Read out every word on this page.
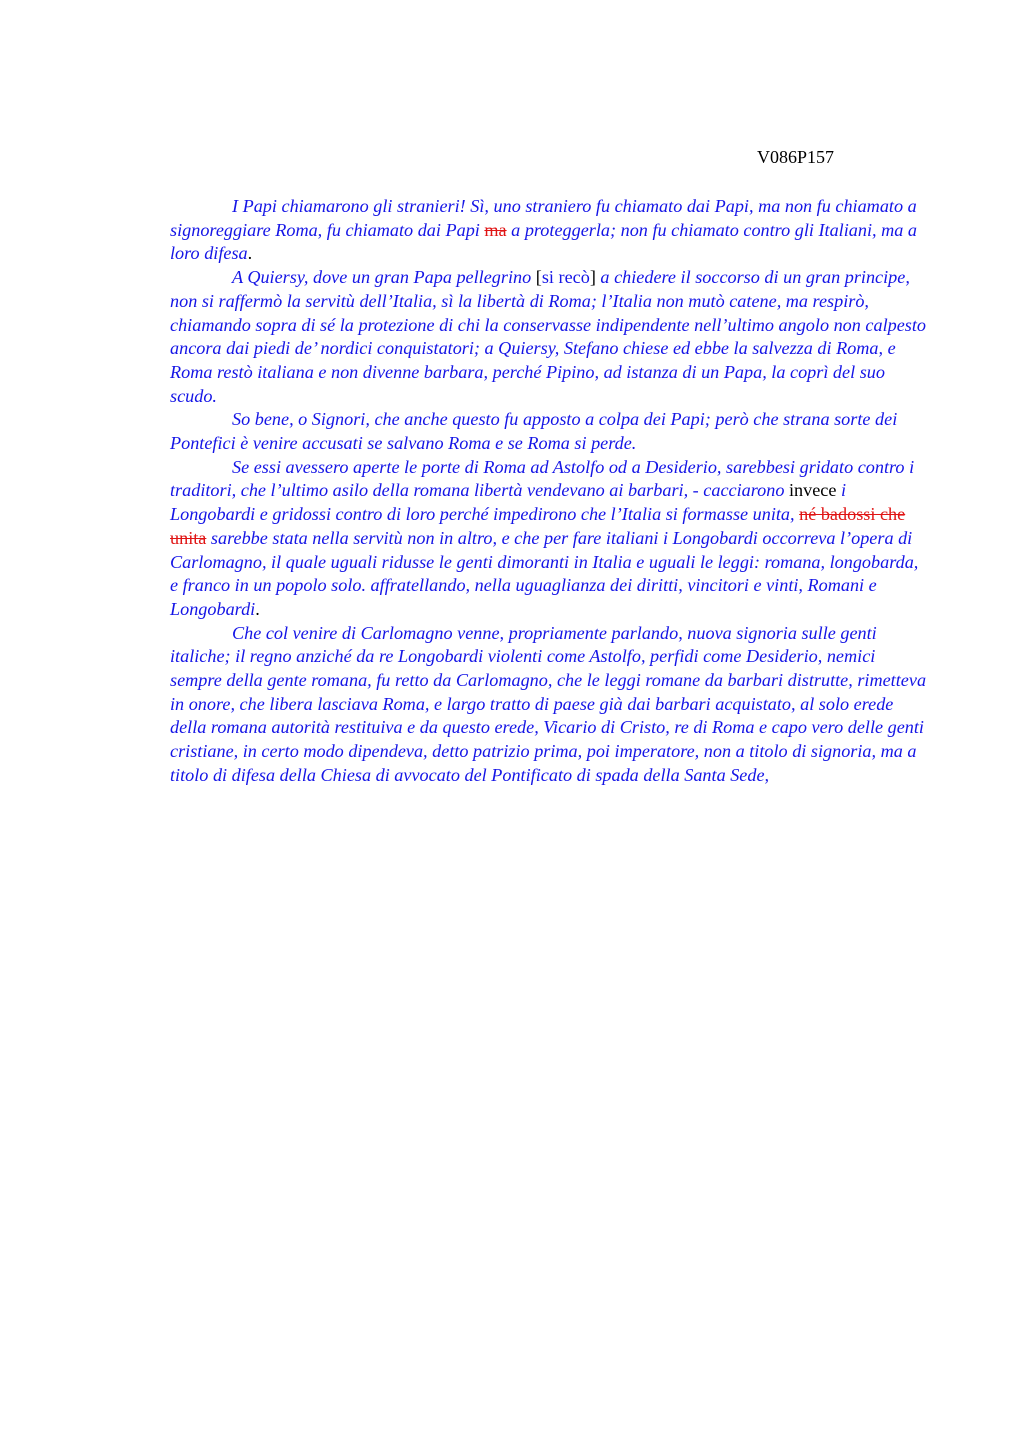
V086P157

I Papi chiamarono gli stranieri! Sì, uno straniero fu chiamato dai Papi, ma non fu chiamato a signoreggiare Roma, fu chiamato dai Papi ma a proteggerla; non fu chiamato contro gli Italiani, ma a loro difesa.

A Quiersy, dove un gran Papa pellegrino [si recò] a chiedere il soccorso di un gran principe, non si raffermò la servitù dell’Italia, sì la libertà di Roma; l’Italia non mutò catene, ma respirò, chiamando sopra di sé la protezione di chi la conservasse indipendente nell’ultimo angolo non calpesto ancora dai piedi de’ nordici conquistatori; a Quiersy, Stefano chiese ed ebbe la salvezza di Roma, e Roma restò italiana e non divenne barbara, perché Pipino, ad istanza di un Papa, la coprì del suo scudo.

So bene, o Signori, che anche questo fu apposto a colpa dei Papi; però che strana sorte dei Pontefici è venire accusati se salvano Roma e se Roma si perde.

Se essi avessero aperte le porte di Roma ad Astolfo od a Desiderio, sarebbesi gridato contro i traditori, che l’ultimo asilo della romana libertà vendevano ai barbari, - cacciarono invece i Longobardi e gridossi contro di loro perché impedirono che l’Italia si formasse unita, né badossi che unita sarebbe stata nella servitù non in altro, e che per fare italiani i Longobardi occorreva l’opera di Carlomagno, il quale uguali ridusse le genti dimoranti in Italia e uguali le leggi: romana, longobarda, e franco in un popolo solo. affratellando, nella uguaglianza dei diritti, vincitori e vinti, Romani e Longobardi.

Che col venire di Carlomagno venne, propriamente parlando, nuova signoria sulle genti italiche; il regno anziché da re Longobardi violenti come Astolfo, perfidi come Desiderio, nemici sempre della gente romana, fu retto da Carlomagno, che le leggi romane da barbari distrutte, rimetteva in onore, che libera lasciava Roma, e largo tratto di paese già dai barbari acquistato, al solo erede della romana autorità restituiva e da questo erede, Vicario di Cristo, re di Roma e capo vero delle genti cristiane, in certo modo dipendeva, detto patrizio prima, poi imperatore, non a titolo di signoria, ma a titolo di difesa della Chiesa di avvocato del Pontificato di spada della Santa Sede,
